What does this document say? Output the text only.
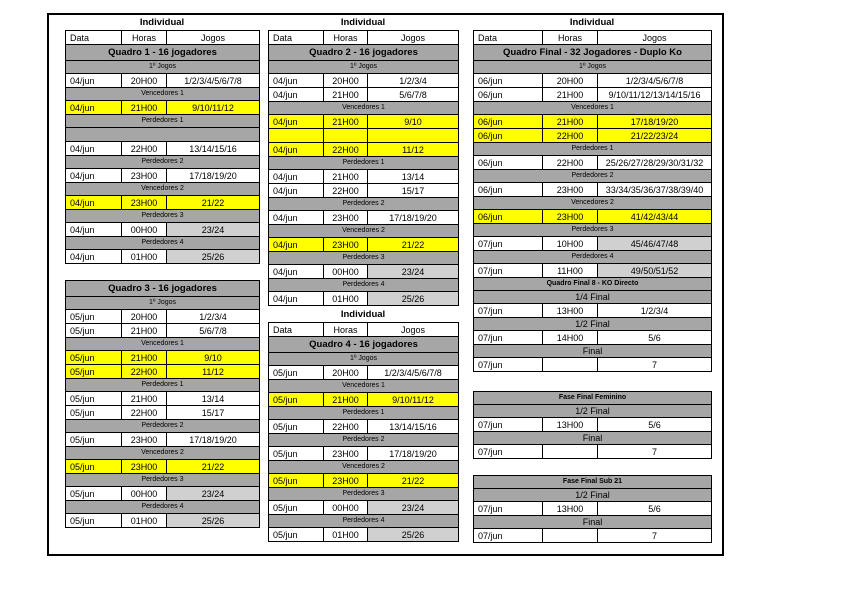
Individual	Individual	Individual
Individual
Data	Horas	Jogos
Quadro 1 - 16 jogadores		
1º Jogos		
04/jun	20H00	1/2/3/4/5/6/7/8
Vencedores 1		
04/jun	21H00	9/10/11/12
Perdedores 1		

04/jun	22H00	13/14/15/16
Perdedores 2		
04/jun	23H00	17/18/19/20
Vencedores 2		
04/jun	23H00	21/22
Perdedores 3		
04/jun	00H00	23/24
Perdedores 4		
04/jun	01H00	25/26
Quadro 3 - 16 jogadores		
1º Jogos		
05/jun	20H00	1/2/3/4
05/jun	21H00	5/6/7/8
Vencedores 1		
05/jun	21H00	9/10
05/jun	22H00	11/12
Perdedores 1		
05/jun	21H00	13/14
05/jun	22H00	15/17
Perdedores 2		
05/jun	23H00	17/18/19/20
Vencedores 2		
05/jun	23H00	21/22
Perdedores 3		
05/jun	00H00	23/24
Perdedores 4		
05/jun	01H00	25/26
Data	Horas	Jogos
Quadro 2 - 16 jogadores		
1º Jogos		
04/jun	20H00	1/2/3/4
04/jun	21H00	5/6/7/8
Vencedores 1		
04/jun	21H00	9/10

04/jun	22H00	11/12
Perdedores 1		
04/jun	21H00	13/14
04/jun	22H00	15/17
Perdedores 2		
04/jun	23H00	17/18/19/20
Vencedores 2		
04/jun	23H00	21/22
Perdedores 3		
04/jun	00H00	23/24
Perdedores 4		
04/jun	01H00	25/26
Data	Horas	Jogos
Quadro 4 - 16 jogadores		
1º Jogos		
05/jun	20H00	1/2/3/4/5/6/7/8
Vencedores 1		
05/jun	21H00	9/10/11/12
Perdedores 1		
05/jun	22H00	13/14/15/16
Perdedores 2		
05/jun	23H00	17/18/19/20
Vencedores 2		
05/jun	23H00	21/22
Perdedores 3		
05/jun	00H00	23/24
Perdedores 4		
05/jun	01H00	25/26
Data	Horas	Jogos
Quadro Final - 32 Jogadores - Duplo Ko		
1º Jogos		
06/jun	20H00	1/2/3/4/5/6/7/8
06/jun	21H00	9/10/11/12/13/14/15/16
Vencedores 1		
06/jun	21H00	17/18/19/20
06/jun	22H00	21/22/23/24
Perdedores 1		
06/jun	22H00	25/26/27/28/29/30/31/32
Perdedores 2		
06/jun	23H00	33/34/35/36/37/38/39/40
Vencedores 2		
06/jun	23H00	41/42/43/44
Perdedores 3		
07/jun	10H00	45/46/47/48
Perdedores 4		
07/jun	11H00	49/50/51/52
Quadro Final 8 - KO Directo		
1/4 Final		
07/jun	13H00	1/2/3/4
1/2 Final		
07/jun	14H00	5/6
Final		
07/jun		7
Fase Final Feminino		
1/2 Final		
07/jun	13H00	5/6
Final		
07/jun		7
Fase Final Sub 21		
1/2 Final		
07/jun	13H00	5/6
Final		
07/jun		7
